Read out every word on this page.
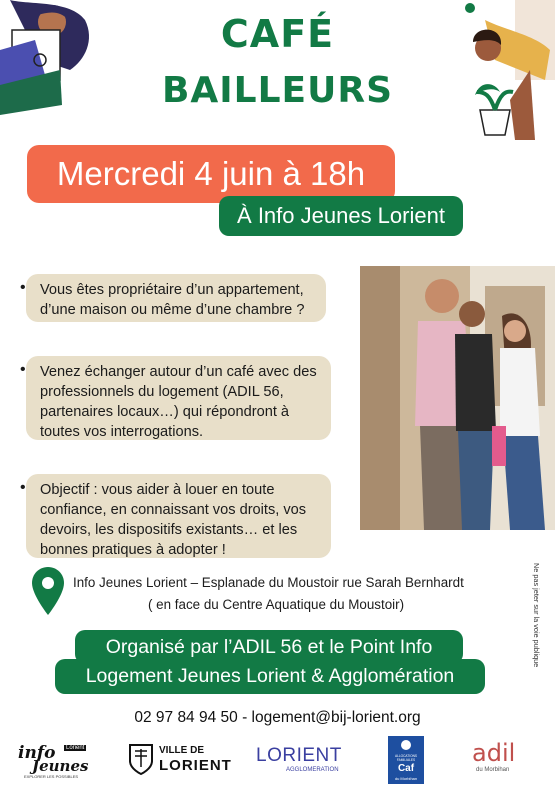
CAFÉ
BAILLEURS
Mercredi 4 juin à 18h
À Info Jeunes Lorient
• Vous êtes propriétaire d’un appartement, d’une maison ou même d’une chambre ?
• Venez échanger autour d’un café avec des professionnels du logement (ADIL 56, partenaires locaux…) qui répondront à toutes vos interrogations.
• Objectif : vous aider à louer en toute confiance, en connaissant vos droits, vos devoirs, les dispositifs existants… et les bonnes pratiques à adopter !
Info Jeunes Lorient – Esplanade du Moustoir rue Sarah Bernhardt
( en face du Centre Aquatique du Moustoir)	Ne pas jeter sur la voie publique
Logement Jeunes Lorient & Agglomération
Organisé par l’ADIL 56 et le Point Info
02 97 84 94 50 - logement@bij-lorient.org
info
Jeunes
Lorient
EXPLORER LES POSSIBLES
VILLE DE
LORIENT LORIENT
AGGLOMERATION
ALLOCATIONS FAMILIALES
Caf
du Morbihan
adil
du Morbihan
